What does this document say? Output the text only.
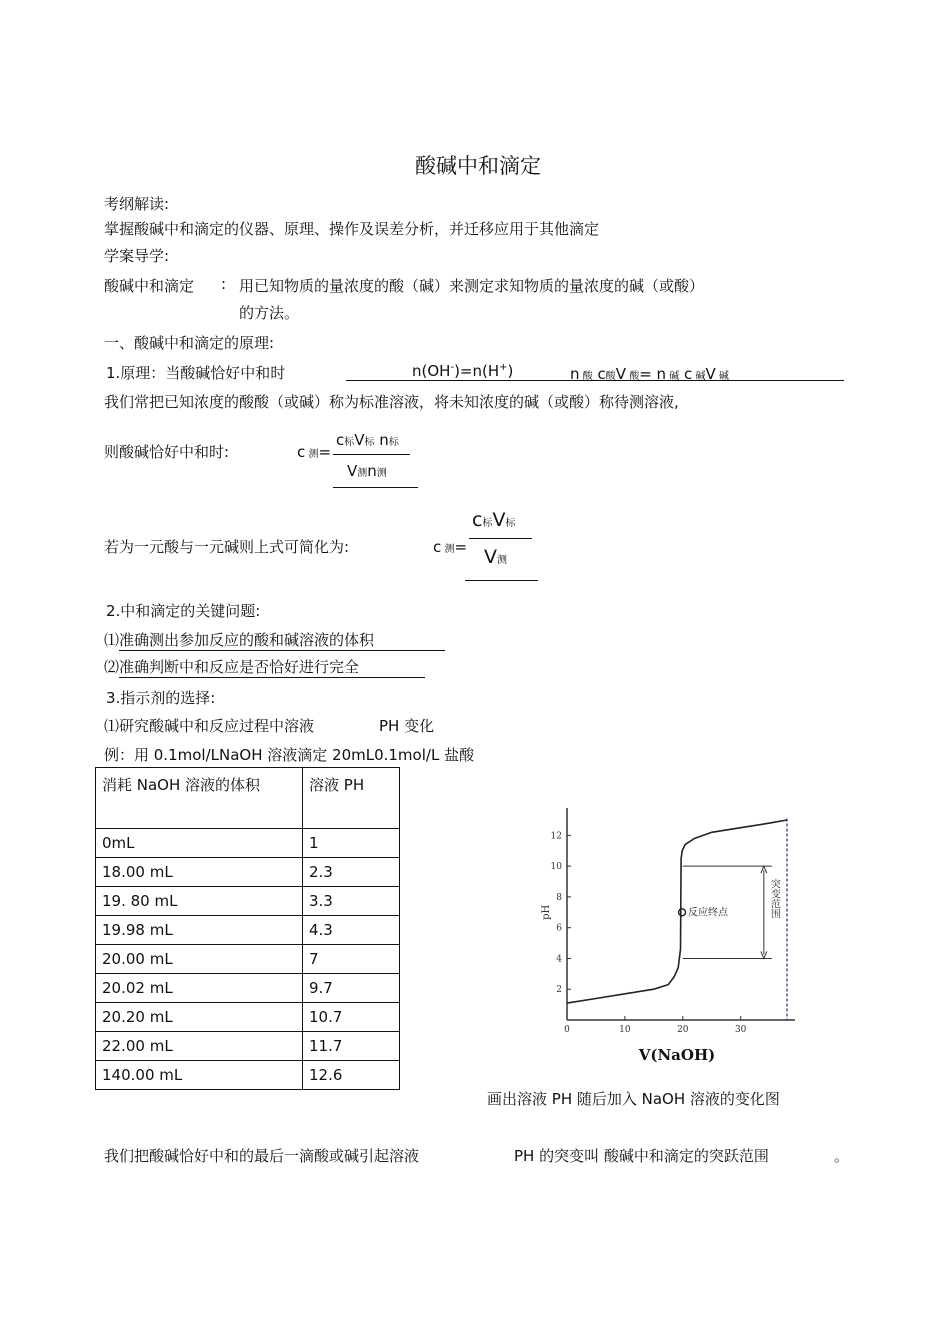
酸碱中和滴定
考纲解读:
掌握酸碱中和滴定的仪器、原理、操作及误差分析，并迁移应用于其他滴定
学案导学:
酸碱中和滴定 : 用已知物质的量浓度的酸（碱）来测定求知物质的量浓度的碱（或酸）
的方法。
一、酸碱中和滴定的原理:
1.原理：当酸碱恰好中和时	n(OH-)=n(H+)	n 酸 c酸V 酸= n 碱 c 碱V 碱
我们常把已知浓度的酸酸（或碱）称为标准溶液，将未知浓度的碱（或酸）称待测溶液,
则酸碱恰好中和时:	c 测=
c标V标 n标
V测n测
若为一元酸与一元碱则上式可简化为:	c 测=
c标V标
V测
2.中和滴定的关键问题:
⑴准确测出参加反应的酸和碱溶液的体积
⑵准确判断中和反应是否恰好进行完全
3.指示剂的选择:
⑴研究酸碱中和反应过程中溶液	PH 变化
例：用 0.1mol/LNaOH 溶液滴定 20mL0.1mol/L 盐酸
消耗 NaOH 溶液的体积	溶液 PH
0mL	1
18.00 mL	2.3
19. 80 mL	3.3
19.98 mL	4.3
20.00 mL	7
20.02 mL	9.7
20.20 mL	10.7
22.00 mL	11.7
140.00 mL	12.6
2
4
6
8
10
12
0	10	20	30
pH
V(NaOH)
突变范围
反应终点
画出溶液 PH 随后加入 NaOH 溶液的变化图
我们把酸碱恰好中和的最后一滴酸或碱引起溶液	PH 的突变叫 酸碱中和滴定的突跃范围	。
